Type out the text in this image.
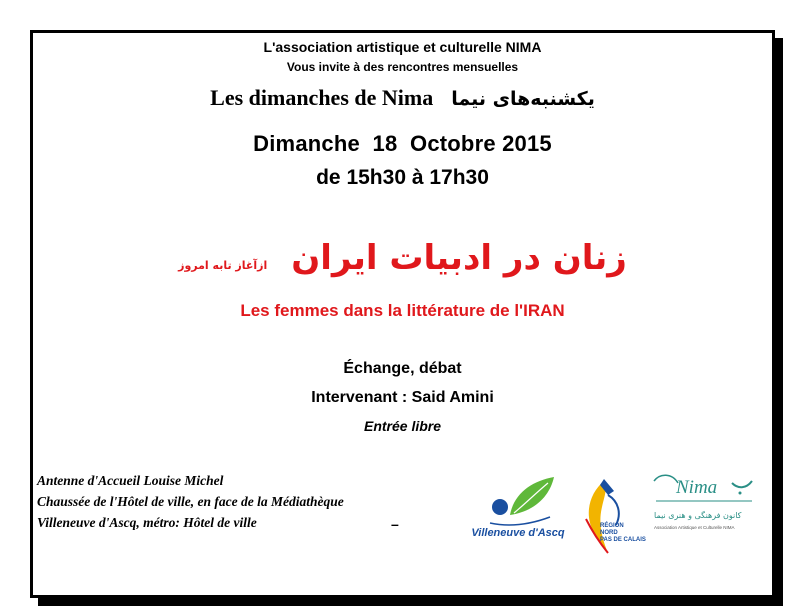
L'association artistique et culturelle NIMA
Vous invite à des rencontres mensuelles
Les dimanches de Nima یکشنبه‌های نیما
Dimanche  18  Octobre 2015
de 15h30 à 17h30
ازآغاز تابه امروز زنان در ادبیات ایران
Les femmes dans la littérature de l'IRAN
Échange, débat
Intervenant : Said Amini
Entrée libre
Antenne d'Accueil Louise Michel
Chaussée de l'Hôtel de ville, en face de la Médiathèque
Villeneuve d'Ascq, métro: Hôtel de ville	–
Villeneuve d'Ascq
RÉGION
NORD
PAS DE CALAIS
Nima
کانون فرهنگی و هنری نیما
Association Artistique et Culturelle NIMA
